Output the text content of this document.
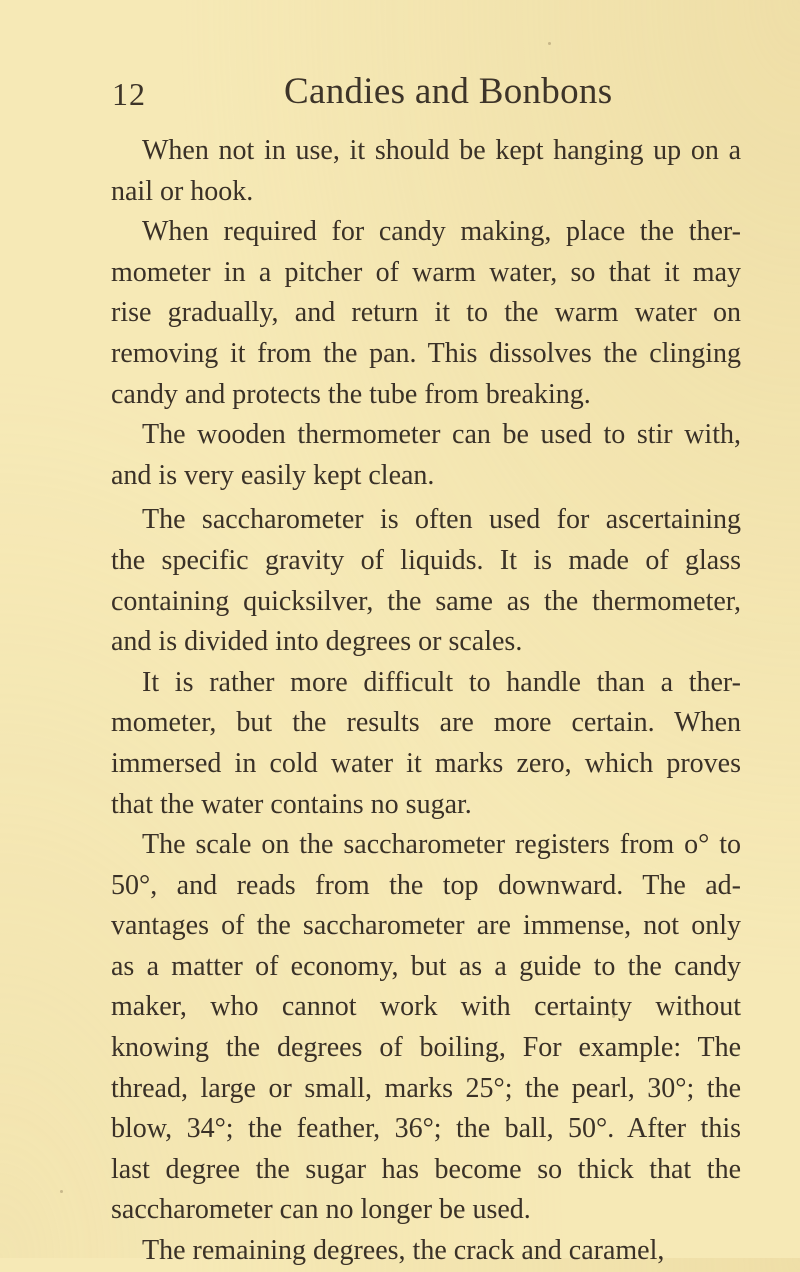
12	Candies and Bonbons
When not in use, it should be kept hanging up on a
nail or hook.
When required for candy making, place the ther-
mometer in a pitcher of warm water, so that it may
rise gradually, and return it to the warm water on
removing it from the pan. This dissolves the clinging
candy and protects the tube from breaking.
The wooden thermometer can be used to stir with,
and is very easily kept clean.
The saccharometer is often used for ascertaining
the specific gravity of liquids. It is made of glass
containing quicksilver, the same as the thermometer,
and is divided into degrees or scales.
It is rather more difficult to handle than a ther-
mometer, but the results are more certain. When
immersed in cold water it marks zero, which proves
that the water contains no sugar.
The scale on the saccharometer registers from o° to
50°, and reads from the top downward. The ad-
vantages of the saccharometer are immense, not only
as a matter of economy, but as a guide to the candy
maker, who cannot work with certainty without
knowing the degrees of boiling, For example: The
thread, large or small, marks 25°; the pearl, 30°; the
blow, 34°; the feather, 36°; the ball, 50°. After this
last degree the sugar has become so thick that the
saccharometer can no longer be used.
The remaining degrees, the crack and caramel,
